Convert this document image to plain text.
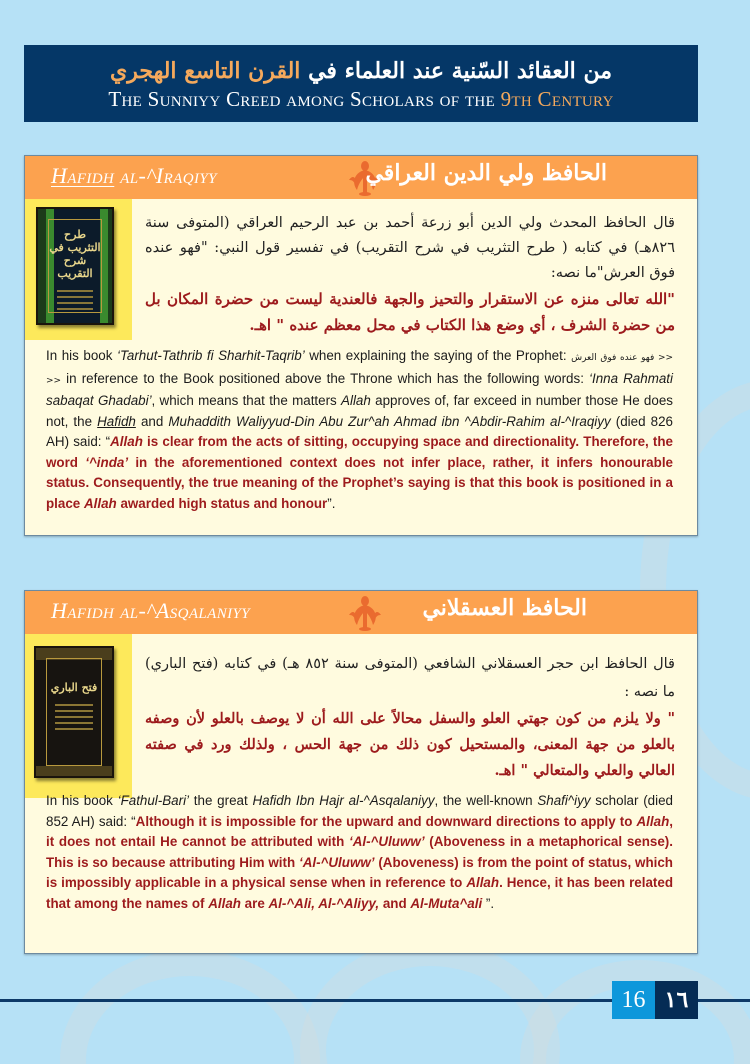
من العقائد السّنية عند العلماء في القرن التاسع الهجري
The Sunniyy Creed among Scholars of the 9th Century
Hafidh al-^Iraqiyy	الحافظ ولي الدين العراقي
طرح التثريب في شرح التقريب
قال الحافظ المحدث ولي الدين أبو زرعة أحمد بن عبد الرحيم العراقي (المتوفى سنة ٨٢٦هـ) في كتابه ( طرح التثريب في شرح التقريب) في تفسير قول النبي: "فهو عنده فوق العرش"ما نصه:
"الله تعالى منزه عن الاستقرار والتحيز والجهة فالعندية ليست من حضرة المكان بل من حضرة الشرف ، أي وضع هذا الكتاب في محل معظم عنده " اهـ.
In his book ‘Tarhut-Tathrib fi Sharhit-Taqrib’ when explaining the saying of the Prophet: << فهو عنده فوق العرش << in reference to the Book positioned above the Throne which has the following words: ‘Inna Rahmati sabaqat Ghadabi’, which means that the matters Allah approves of, far exceed in number those He does not, the Hafidh and Muhaddith Waliyyud-Din Abu Zur^ah Ahmad ibn ^Abdir-Rahim al-^Iraqiyy (died 826 AH) said: “Allah is clear from the acts of sitting, occupying space and directionality. Therefore, the word ‘^inda’ in the aforementioned context does not infer place, rather, it infers honourable status. Consequently, the true meaning of the Prophet’s saying is that this book is positioned in a place Allah awarded high status and honour”.
Hafidh al-^Asqalaniyy	الحافظ العسقلاني
فتح الباري
قال الحافظ ابن حجر العسقلاني الشافعي (المتوفى سنة ٨٥٢ هـ) في كتابه (فتح الباري) ما نصه :
" ولا يلزم من كون جهتي العلو والسفل محالاً على الله أن لا يوصف بالعلو لأن وصفه بالعلو من جهة المعنى، والمستحيل كون ذلك من جهة الحس ، ولذلك ورد في صفته العالي والعلي والمتعالي " اهـ.
In his book ‘Fathul-Bari’ the great Hafidh Ibn Hajr al-^Asqalaniyy, the well-known Shafi^iyy scholar (died 852 AH) said: “Although it is impossible for the upward and downward directions to apply to Allah, it does not entail He cannot be attributed with ‘Al-^Uluww’ (Aboveness in a metaphorical sense). This is so because attributing Him with ‘Al-^Uluww’ (Aboveness) is from the point of status, which is impossibly applicable in a physical sense when in reference to Allah. Hence, it has been related that among the names of Allah are Al-^Ali, Al-^Aliyy, and Al-Muta^ali ”.
16 ١٦
